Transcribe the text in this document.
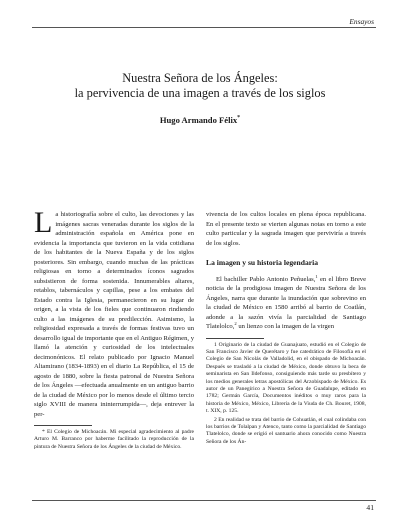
Ensayos
Nuestra Señora de los Ángeles:
la pervivencia de una imagen a través de los siglos
Hugo Armando Félix*

La historiografía sobre el culto, las devociones y las imágenes sacras veneradas durante los siglos de la administración española en América pone en evidencia la importancia que tuvieron en la vida cotidiana de los habitantes de la Nueva España y de los siglos posteriores. Sin embargo, cuando muchas de las prácticas religiosas en torno a determinados íconos sagrados subsistieron de forma sostenida. Innumerables altares, retablos, tabernáculos y capillas, pese a los embates del Estado contra la Iglesia, permanecieron en su lugar de origen, a la vista de los fieles que continuaron rindiendo culto a las imágenes de su predilección. Asimismo, la religiosidad expresada a través de formas festivas tuvo un desarrollo igual de importante que en el Antiguo Régimen, y llamó la atención y curiosidad de los intelectuales decimonónicos. El relato publicado por Ignacio Manuel Altamirano (1834-1893) en el diario La República, el 15 de agosto de 1880, sobre la fiesta patronal de Nuestra Señora de los Ángeles —efectuada anualmente en un antiguo barrio de la ciudad de México por lo menos desde el último tercio siglo XVIII de manera ininterrumpida—, deja entrever la per-

* El Colegio de Michoacán. Mi especial agradecimiento al padre Arturo M. Barranco por haberme facilitado la reproducción de la pintura de Nuestra Señora de los Ángeles de la ciudad de México.

vivencia de los cultos locales en plena época republicana. En el presente texto se vierten algunas notas en torno a este culto particular y la sagrada imagen que perviviría a través de los siglos.

La imagen y su historia legendaria

El bachiller Pablo Antonio Peñuelas,$^1$ en el libro Breve noticia de la prodigiosa imagen de Nuestra Señora de los Ángeles, narra que durante la inundación que sobrevino en la ciudad de México en 1580 arribó al barrio de Coatlán, adonde a la sazón vivía la parcialidad de Santiago Tlatelolco,$^2$ un lienzo con la imagen de la virgen

1 Originario de la ciudad de Guanajuato, estudió en el Colegio de San Francisco Javier de Querétaro y fue catedrático de Filosofía en el Colegio de San Nicolás de Valladolid, en el obispado de Michoacán. Después se trasladó a la ciudad de México, donde obtuvo la beca de seminarista en San Ildefonso, consiguiendo más tarde su presbítero y los medios generales letras apostólicas del Arzobispado de México. Es autor de un Panegírico a Nuestra Señora de Guadalupe, editado en 1782; Germán García, Documentos inéditos o muy raros para la historia de México, México, Librería de la Viuda de Ch. Bouret, 1908, t. XIX, p. 125.

2 En realidad se trata del barrio de Cohuatlán, el cual colindaba con los barrios de Tolalpan y Atenco, tanto como la parcialidad de Santiago Tlatelolco, donde se erigió el santuario ahora conocido como Nuestra Señora de los Án-

41
